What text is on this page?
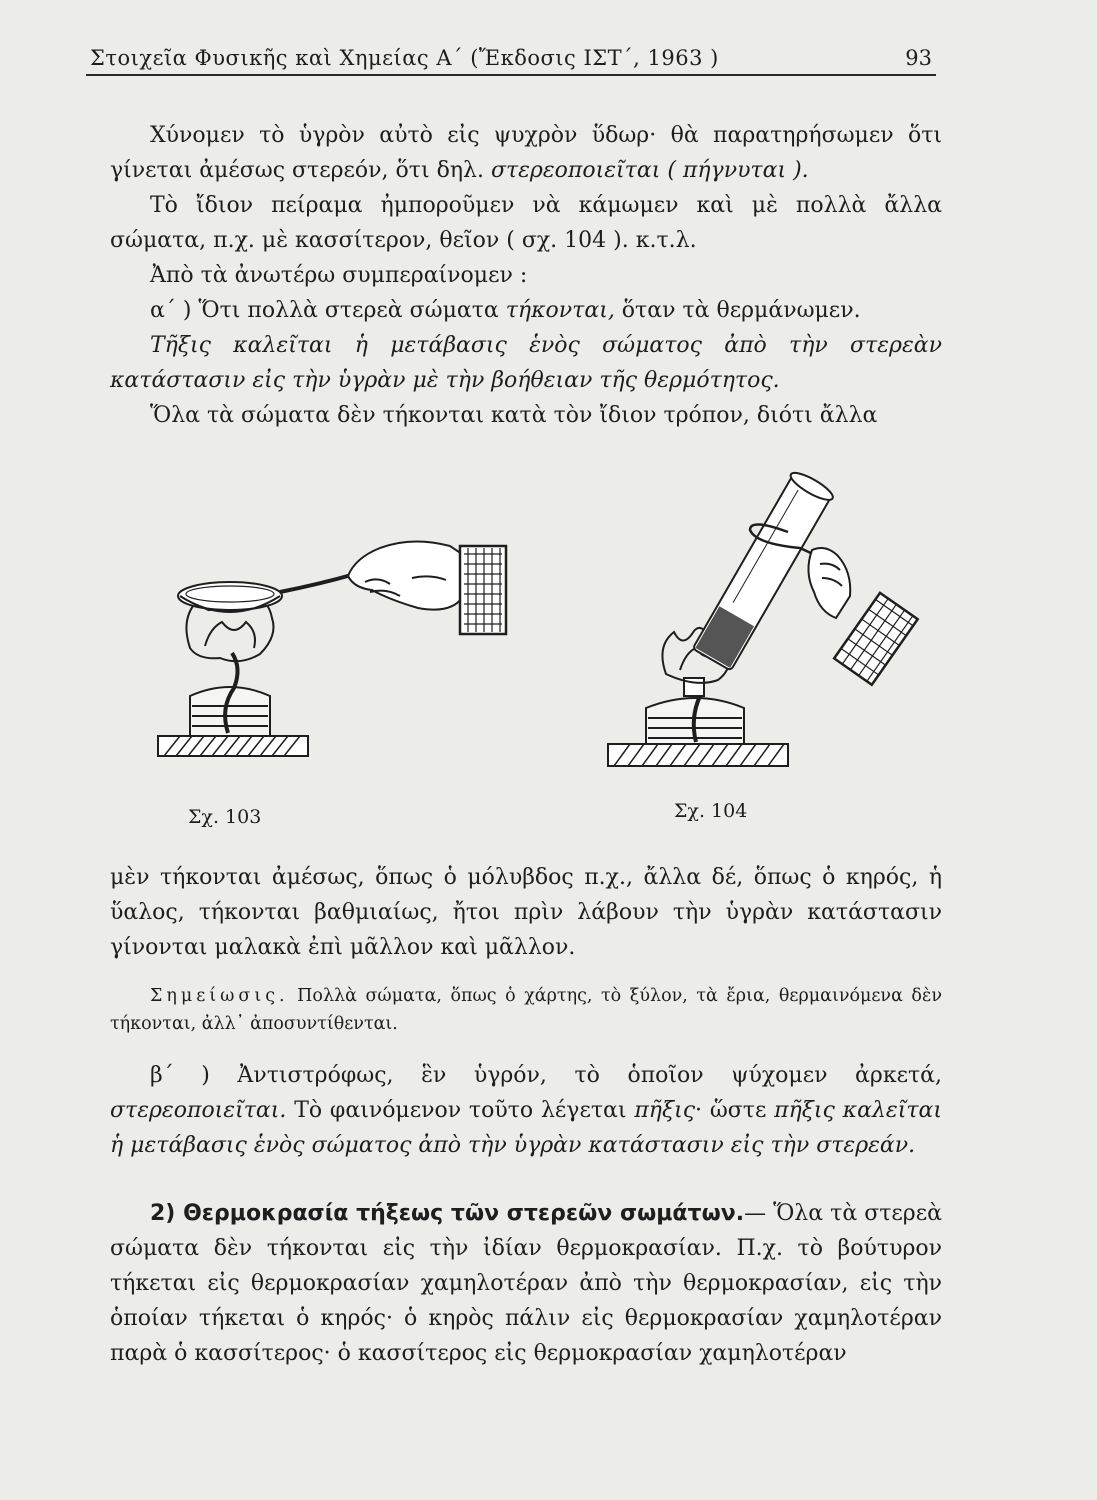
Στοιχεῖα Φυσικῆς καὶ Χημείας Α΄ (Ἔκδοσις ΙΣΤ΄, 1963 )	93

Χύνομεν τὸ ὑγρὸν αὐτὸ εἰς ψυχρὸν ὕδωρ· θὰ παρατηρήσωμεν ὅτι γίνεται ἀμέσως στερεόν, ὅτι δηλ. στερεοποιεῖται ( πήγνυται ).

Τὸ ἴδιον πείραμα ἠμποροῦμεν νὰ κάμωμεν καὶ μὲ πολλὰ ἄλλα σώματα, π.χ. μὲ κασσίτερον, θεῖον ( σχ. 104 ). κ.τ.λ.

Ἀπὸ τὰ ἀνωτέρω συμπεραίνομεν :

α΄ ) Ὅτι πολλὰ στερεὰ σώματα τήκονται, ὅταν τὰ θερμάνωμεν.

Τῆξις καλεῖται ἡ μετάβασις ἑνὸς σώματος ἀπὸ τὴν στερεὰν κατάστασιν εἰς τὴν ὑγρὰν μὲ τὴν βοήθειαν τῆς θερμότητος.

Ὅλα τὰ σώματα δὲν τήκονται κατὰ τὸν ἴδιον τρόπον, διότι ἄλλα

Σχ. 103	Σχ. 104

μὲν τήκονται ἀμέσως, ὅπως ὁ μόλυβδος π.χ., ἄλλα δέ, ὅπως ὁ κηρός, ἡ ὕαλος, τήκονται βαθμιαίως, ἤτοι πρὶν λάβουν τὴν ὑγρὰν κατάστασιν γίνονται μαλακὰ ἐπὶ μᾶλλον καὶ μᾶλλον.

Σημείωσις. Πολλὰ σώματα, ὅπως ὁ χάρτης, τὸ ξύλον, τὰ ἔρια, θερμαινόμενα δὲν τήκονται, ἀλλ᾽ ἀποσυντίθενται.

β΄ ) Ἀντιστρόφως, ἓν ὑγρόν, τὸ ὁποῖον ψύχομεν ἀρκετά, στερεοποιεῖται. Τὸ φαινόμενον τοῦτο λέγεται πῆξις· ὥστε πῆξις καλεῖται ἡ μετάβασις ἑνὸς σώματος ἀπὸ τὴν ὑγρὰν κατάστασιν εἰς τὴν στερεάν.

2) Θερμοκρασία τήξεως τῶν στερεῶν σωμάτων.— Ὅλα τὰ στερεὰ σώματα δὲν τήκονται εἰς τὴν ἰδίαν θερμοκρασίαν. Π.χ. τὸ βούτυρον τήκεται εἰς θερμοκρασίαν χαμηλοτέραν ἀπὸ τὴν θερμοκρασίαν, εἰς τὴν ὁποίαν τήκεται ὁ κηρός· ὁ κηρὸς πάλιν εἰς θερμοκρασίαν χαμηλοτέραν παρὰ ὁ κασσίτερος· ὁ κασσίτερος εἰς θερμοκρασίαν χαμηλοτέραν
